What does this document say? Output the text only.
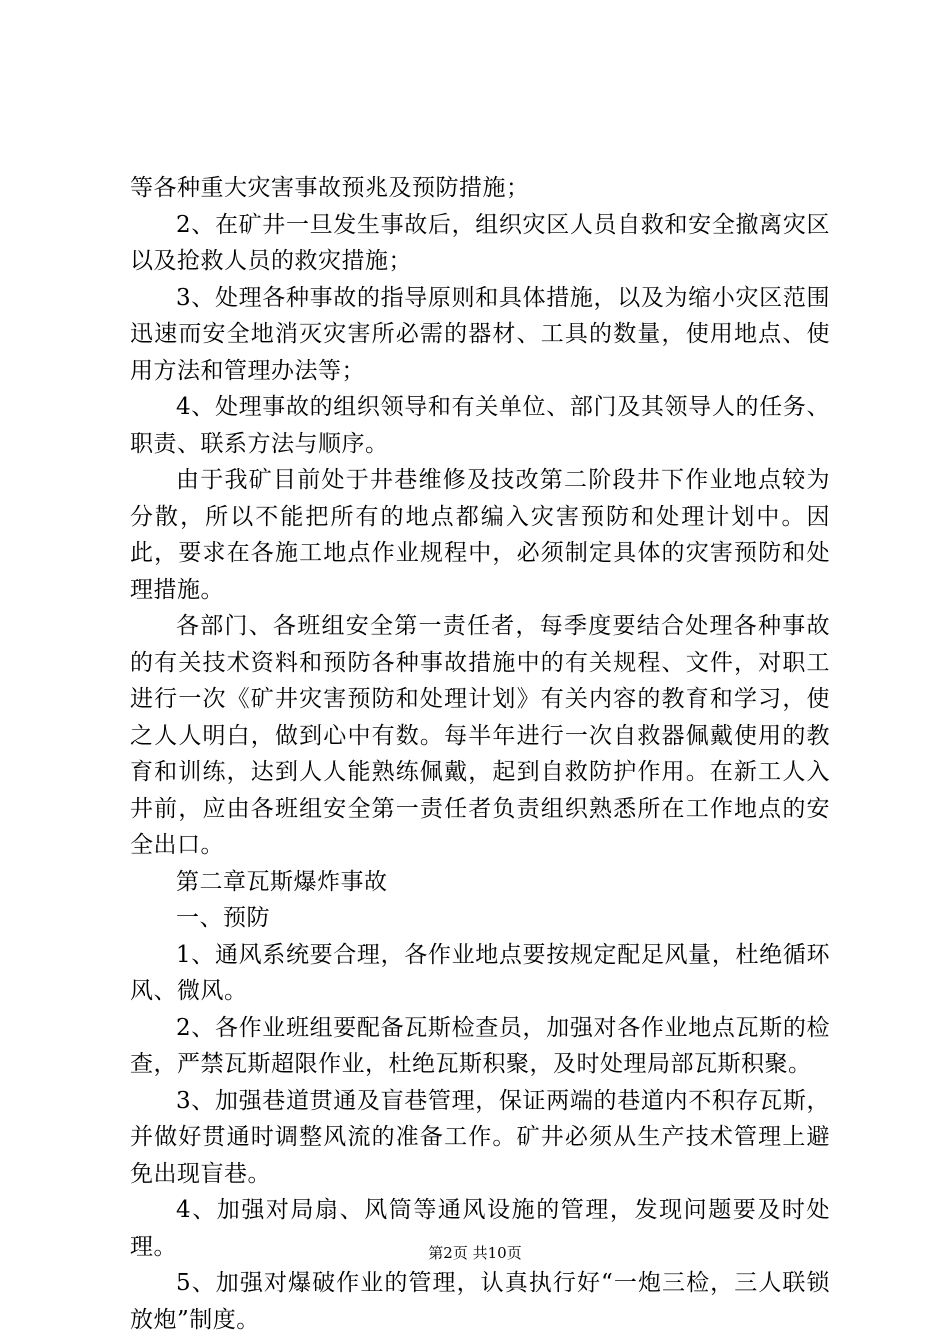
等各种重大灾害事故预兆及预防措施；

2、在矿井一旦发生事故后，组织灾区人员自救和安全撤离灾区以及抢救人员的救灾措施；

3、处理各种事故的指导原则和具体措施，以及为缩小灾区范围迅速而安全地消灭灾害所必需的器材、工具的数量，使用地点、使用方法和管理办法等；

4、处理事故的组织领导和有关单位、部门及其领导人的任务、职责、联系方法与顺序。

由于我矿目前处于井巷维修及技改第二阶段井下作业地点较为分散，所以不能把所有的地点都编入灾害预防和处理计划中。因此，要求在各施工地点作业规程中，必须制定具体的灾害预防和处理措施。

各部门、各班组安全第一责任者，每季度要结合处理各种事故的有关技术资料和预防各种事故措施中的有关规程、文件，对职工进行一次《矿井灾害预防和处理计划》有关内容的教育和学习，使之人人明白，做到心中有数。每半年进行一次自救器佩戴使用的教育和训练，达到人人能熟练佩戴，起到自救防护作用。在新工人入井前，应由各班组安全第一责任者负责组织熟悉所在工作地点的安全出口。

第二章瓦斯爆炸事故

一、预防

1、通风系统要合理，各作业地点要按规定配足风量，杜绝循环风、微风。

2、各作业班组要配备瓦斯检查员，加强对各作业地点瓦斯的检查，严禁瓦斯超限作业，杜绝瓦斯积聚，及时处理局部瓦斯积聚。

3、加强巷道贯通及盲巷管理，保证两端的巷道内不积存瓦斯，并做好贯通时调整风流的准备工作。矿井必须从生产技术管理上避免出现盲巷。

4、加强对局扇、风筒等通风设施的管理，发现问题要及时处理。

5、加强对爆破作业的管理，认真执行好“一炮三检，三人联锁放炮”制度。

第2页 共10页
